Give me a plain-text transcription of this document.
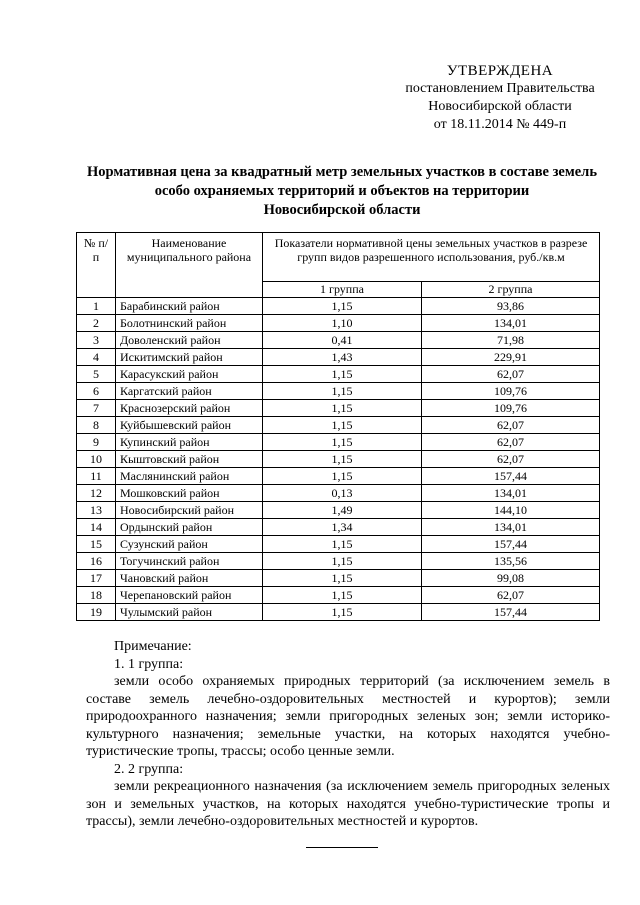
УТВЕРЖДЕНА
постановлением Правительства
Новосибирской области
от 18.11.2014 № 449-п
Нормативная цена за квадратный метр земельных участков в составе земель
особо охраняемых территорий и объектов на территории
Новосибирской области
№ п/п	Наименование муниципального района	Показатели нормативной цены земельных участков в разрезе групп видов разрешенного использования, руб./кв.м	
		1 группа	2 группа
1	Барабинский район	1,15	93,86
2	Болотнинский район	1,10	134,01
3	Доволенский район	0,41	71,98
4	Искитимский район	1,43	229,91
5	Карасукский район	1,15	62,07
6	Каргатский район	1,15	109,76
7	Краснозерский район	1,15	109,76
8	Куйбышевский район	1,15	62,07
9	Купинский район	1,15	62,07
10	Кыштовский район	1,15	62,07
11	Маслянинский район	1,15	157,44
12	Мошковский район	0,13	134,01
13	Новосибирский район	1,49	144,10
14	Ордынский район	1,34	134,01
15	Сузунский район	1,15	157,44
16	Тогучинский район	1,15	135,56
17	Чановский район	1,15	99,08
18	Черепановский район	1,15	62,07
19	Чулымский район	1,15	157,44
Примечание:
1. 1 группа:
земли особо охраняемых природных территорий (за исключением земель в составе земель лечебно-оздоровительных местностей и курортов); земли природоохранного назначения; земли пригородных зеленых зон; земли историко-культурного назначения; земельные участки, на которых находятся учебно-туристические тропы, трассы; особо ценные земли.
2. 2 группа:
земли рекреационного назначения (за исключением земель пригородных зеленых зон и земельных участков, на которых находятся учебно-туристические тропы и трассы), земли лечебно-оздоровительных местностей и курортов.
